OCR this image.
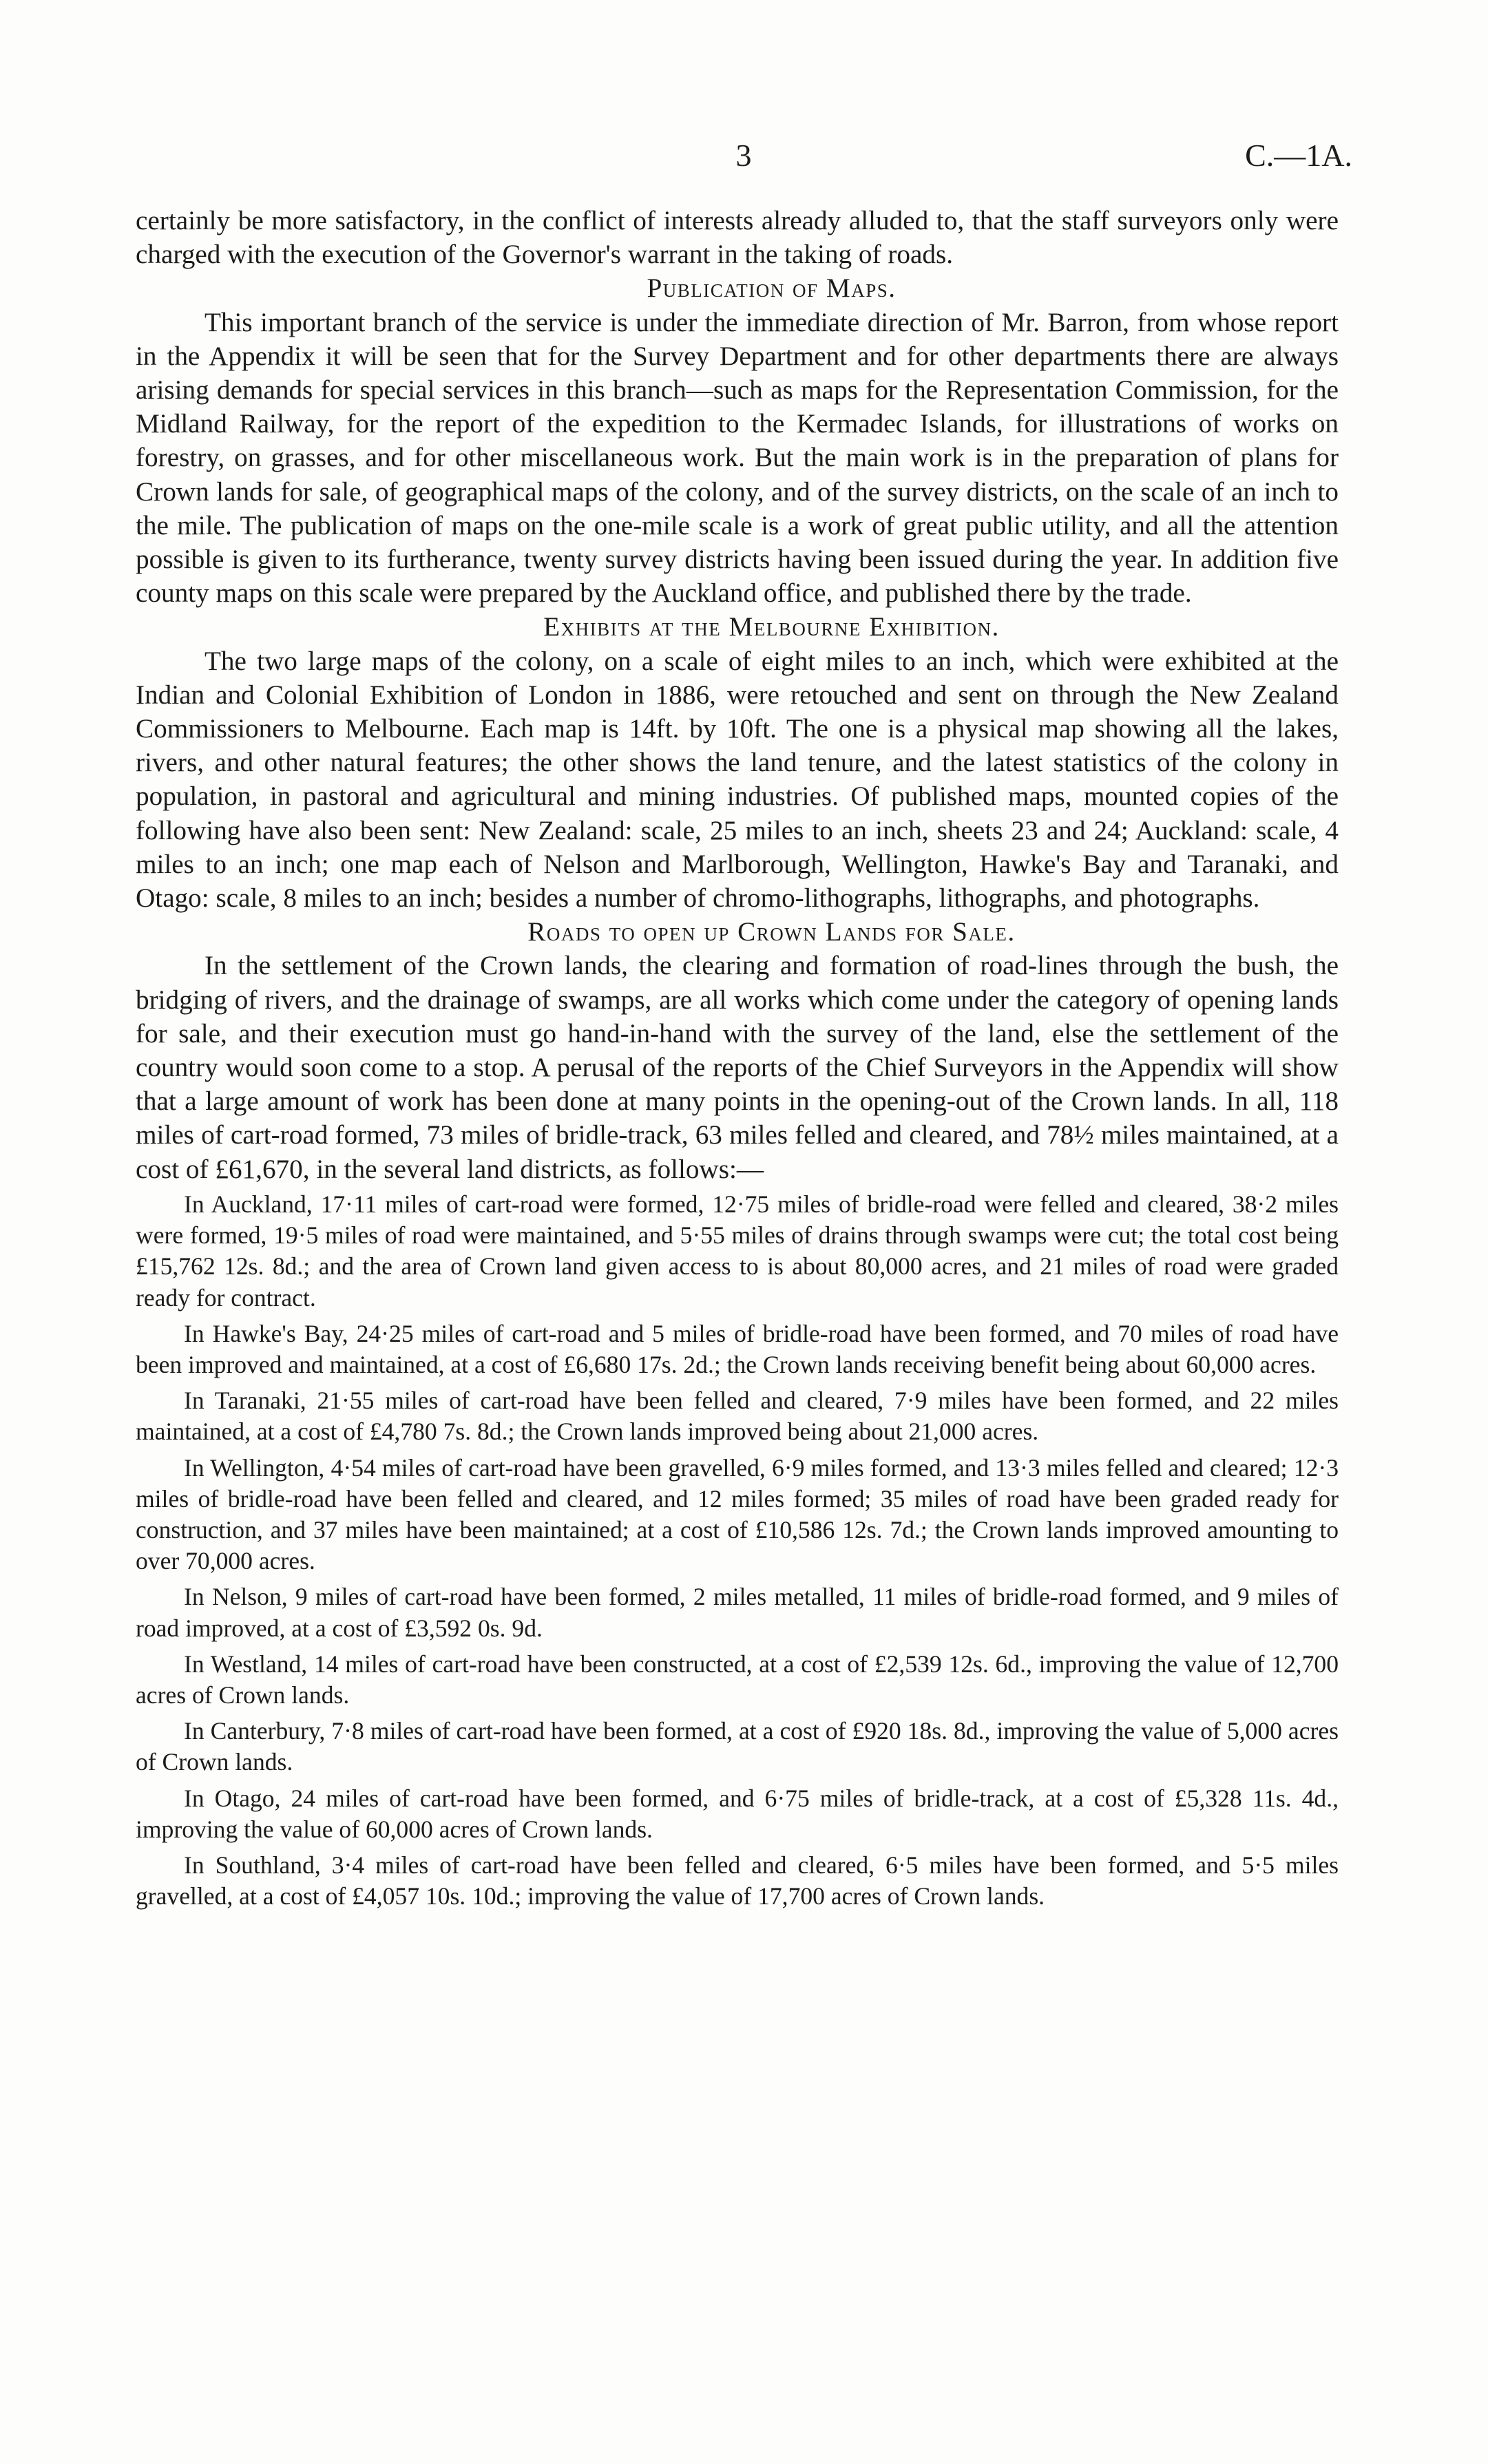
3	C.—1A.

certainly be more satisfactory, in the conflict of interests already alluded to, that the staff surveyors only were charged with the execution of the Governor's warrant in the taking of roads.

Publication of Maps.

This important branch of the service is under the immediate direction of Mr. Barron, from whose report in the Appendix it will be seen that for the Survey Department and for other departments there are always arising demands for special services in this branch—such as maps for the Representation Commission, for the Midland Railway, for the report of the expedition to the Kermadec Islands, for illustrations of works on forestry, on grasses, and for other miscellaneous work. But the main work is in the preparation of plans for Crown lands for sale, of geographical maps of the colony, and of the survey districts, on the scale of an inch to the mile. The publication of maps on the one-mile scale is a work of great public utility, and all the attention possible is given to its furtherance, twenty survey districts having been issued during the year. In addition five county maps on this scale were prepared by the Auckland office, and published there by the trade.

Exhibits at the Melbourne Exhibition.

The two large maps of the colony, on a scale of eight miles to an inch, which were exhibited at the Indian and Colonial Exhibition of London in 1886, were retouched and sent on through the New Zealand Commissioners to Melbourne. Each map is 14ft. by 10ft. The one is a physical map showing all the lakes, rivers, and other natural features; the other shows the land tenure, and the latest statistics of the colony in population, in pastoral and agricultural and mining industries. Of published maps, mounted copies of the following have also been sent: New Zealand: scale, 25 miles to an inch, sheets 23 and 24; Auckland: scale, 4 miles to an inch; one map each of Nelson and Marlborough, Wellington, Hawke's Bay and Taranaki, and Otago: scale, 8 miles to an inch; besides a number of chromo-lithographs, lithographs, and photographs.

Roads to open up Crown Lands for Sale.

In the settlement of the Crown lands, the clearing and formation of road-lines through the bush, the bridging of rivers, and the drainage of swamps, are all works which come under the category of opening lands for sale, and their execution must go hand-in-hand with the survey of the land, else the settlement of the country would soon come to a stop. A perusal of the reports of the Chief Surveyors in the Appendix will show that a large amount of work has been done at many points in the opening-out of the Crown lands. In all, 118 miles of cart-road formed, 73 miles of bridle-track, 63 miles felled and cleared, and 78½ miles maintained, at a cost of £61,670, in the several land districts, as follows:—

In Auckland, 17·11 miles of cart-road were formed, 12·75 miles of bridle-road were felled and cleared, 38·2 miles were formed, 19·5 miles of road were maintained, and 5·55 miles of drains through swamps were cut; the total cost being £15,762 12s. 8d.; and the area of Crown land given access to is about 80,000 acres, and 21 miles of road were graded ready for contract.

In Hawke's Bay, 24·25 miles of cart-road and 5 miles of bridle-road have been formed, and 70 miles of road have been improved and maintained, at a cost of £6,680 17s. 2d.; the Crown lands receiving benefit being about 60,000 acres.

In Taranaki, 21·55 miles of cart-road have been felled and cleared, 7·9 miles have been formed, and 22 miles maintained, at a cost of £4,780 7s. 8d.; the Crown lands improved being about 21,000 acres.

In Wellington, 4·54 miles of cart-road have been gravelled, 6·9 miles formed, and 13·3 miles felled and cleared; 12·3 miles of bridle-road have been felled and cleared, and 12 miles formed; 35 miles of road have been graded ready for construction, and 37 miles have been maintained; at a cost of £10,586 12s. 7d.; the Crown lands improved amounting to over 70,000 acres.

In Nelson, 9 miles of cart-road have been formed, 2 miles metalled, 11 miles of bridle-road formed, and 9 miles of road improved, at a cost of £3,592 0s. 9d.

In Westland, 14 miles of cart-road have been constructed, at a cost of £2,539 12s. 6d., improving the value of 12,700 acres of Crown lands.

In Canterbury, 7·8 miles of cart-road have been formed, at a cost of £920 18s. 8d., improving the value of 5,000 acres of Crown lands.

In Otago, 24 miles of cart-road have been formed, and 6·75 miles of bridle-track, at a cost of £5,328 11s. 4d., improving the value of 60,000 acres of Crown lands.

In Southland, 3·4 miles of cart-road have been felled and cleared, 6·5 miles have been formed, and 5·5 miles gravelled, at a cost of £4,057 10s. 10d.; improving the value of 17,700 acres of Crown lands.
